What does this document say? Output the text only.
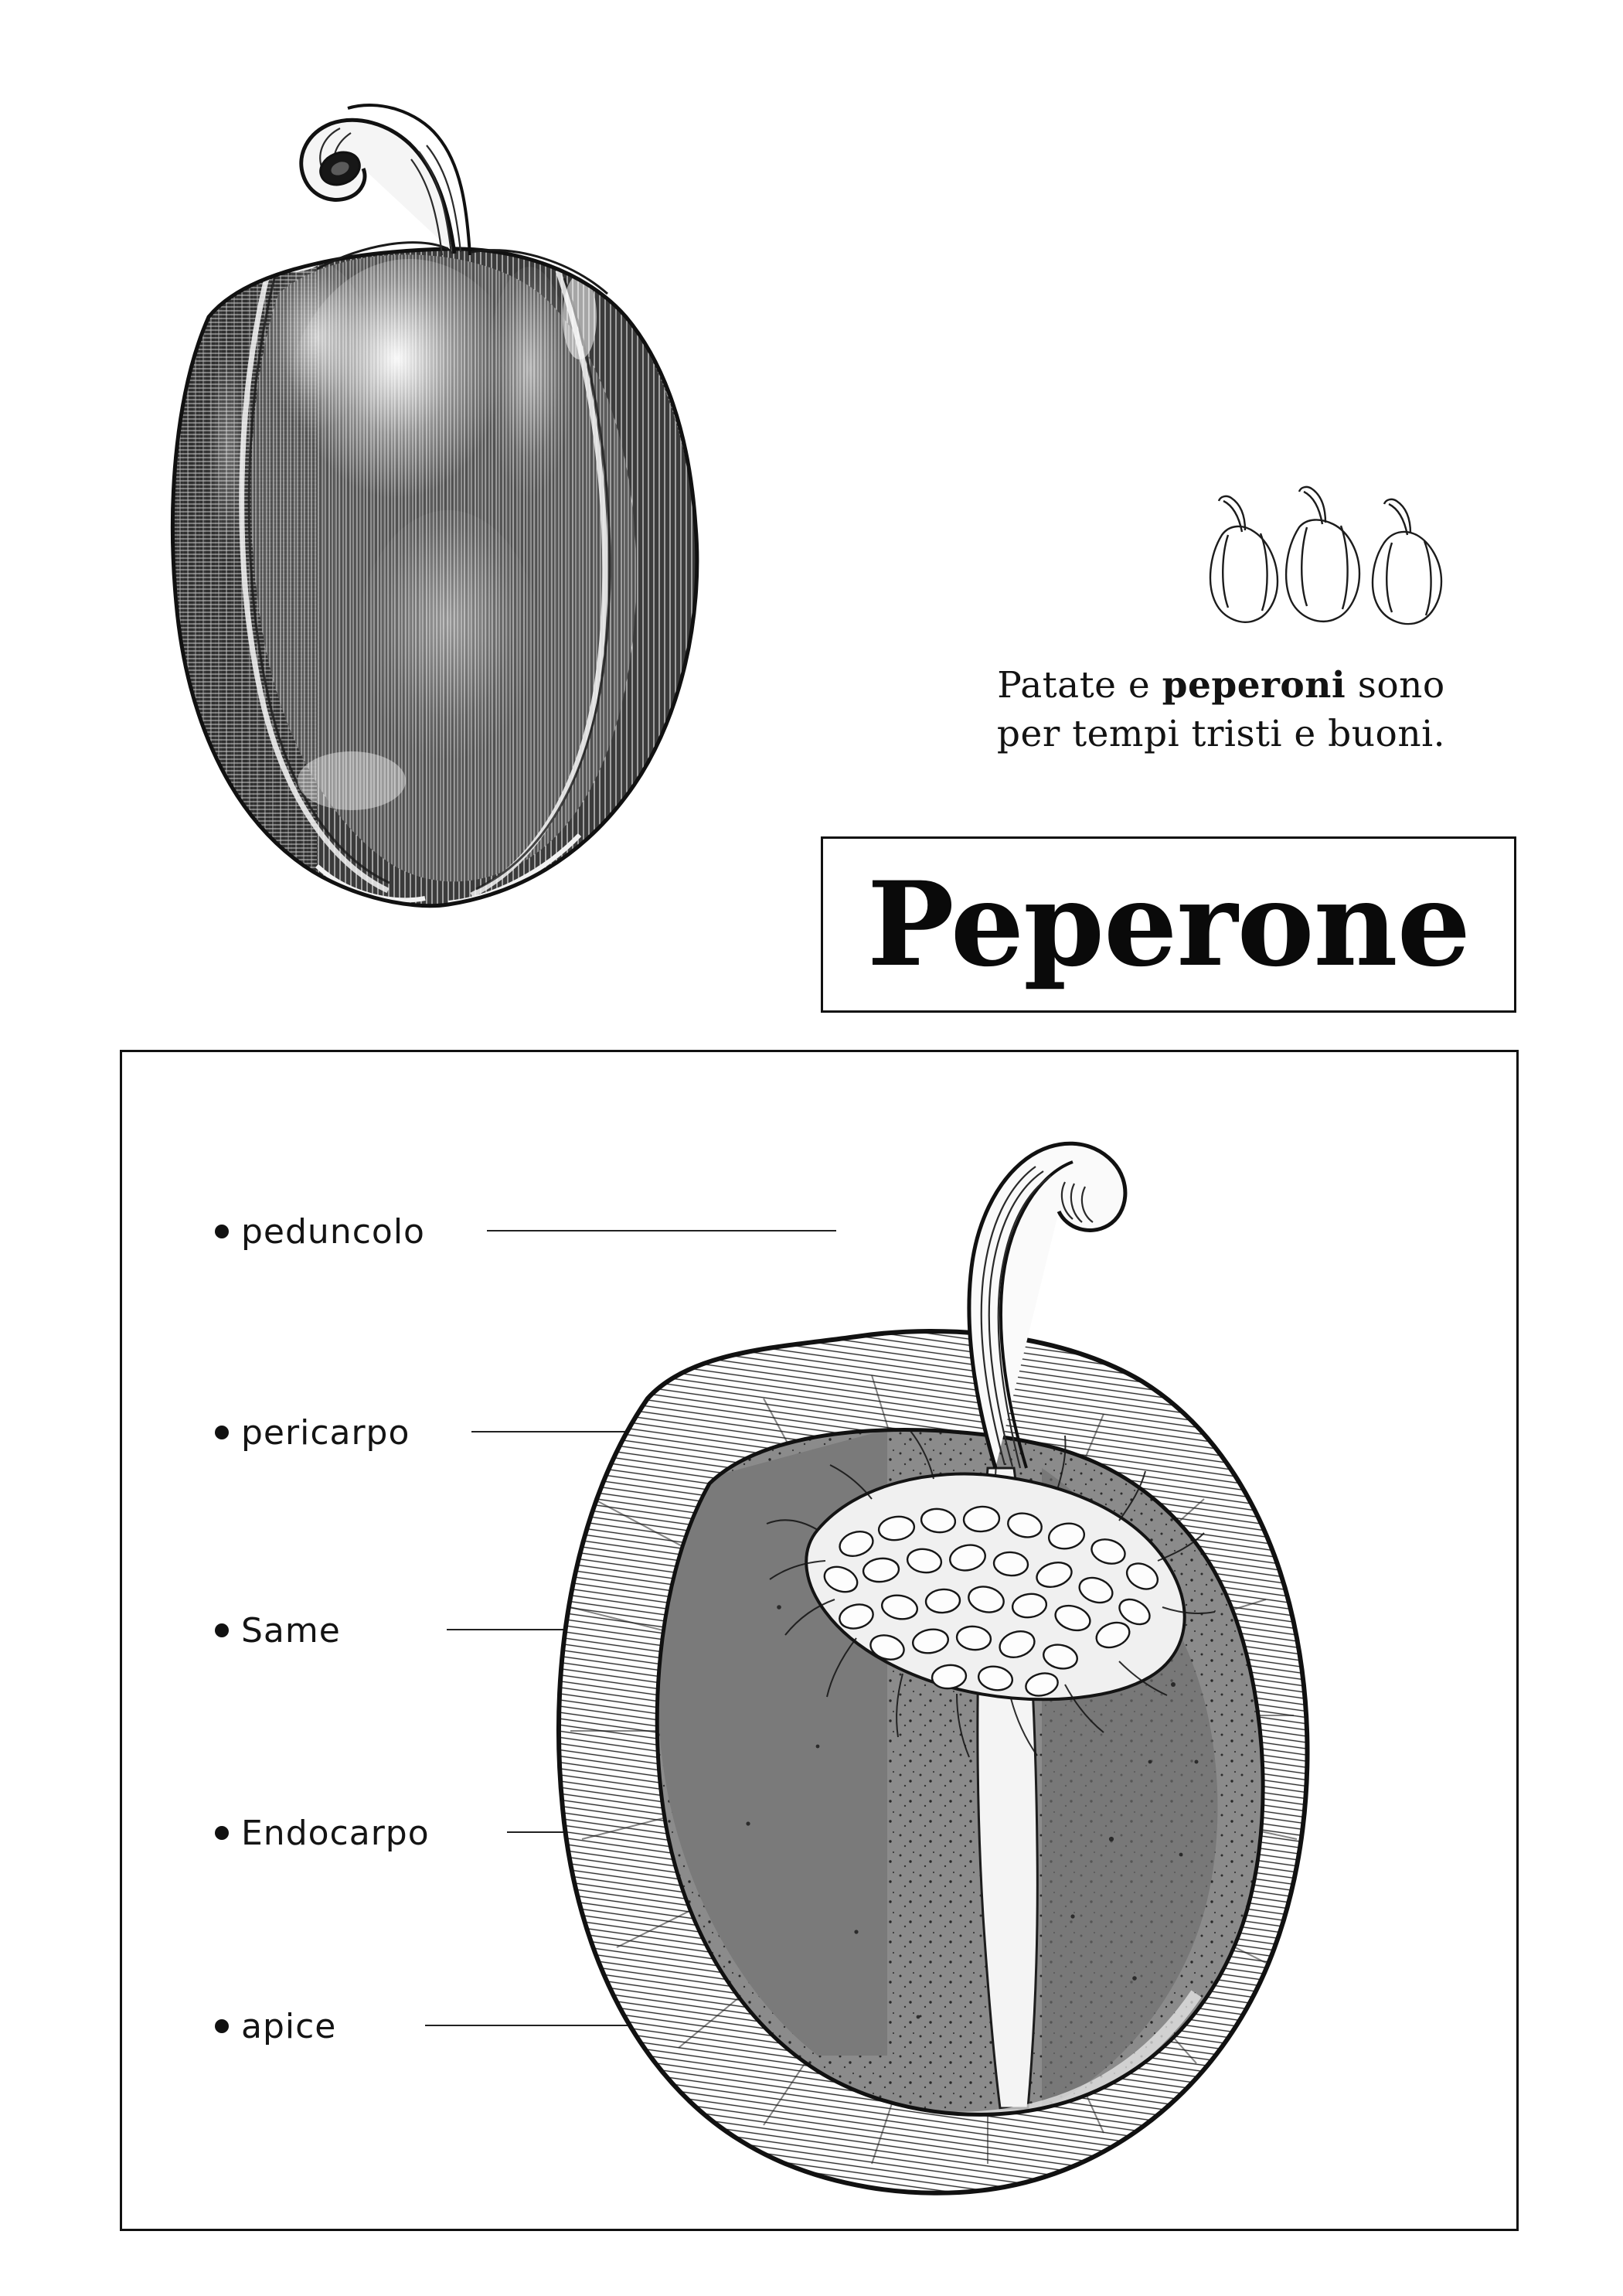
Patate e peperoni sono
per tempi tristi e buoni.
Peperone
peduncolo
pericarpo
Same
Endocarpo
apice
